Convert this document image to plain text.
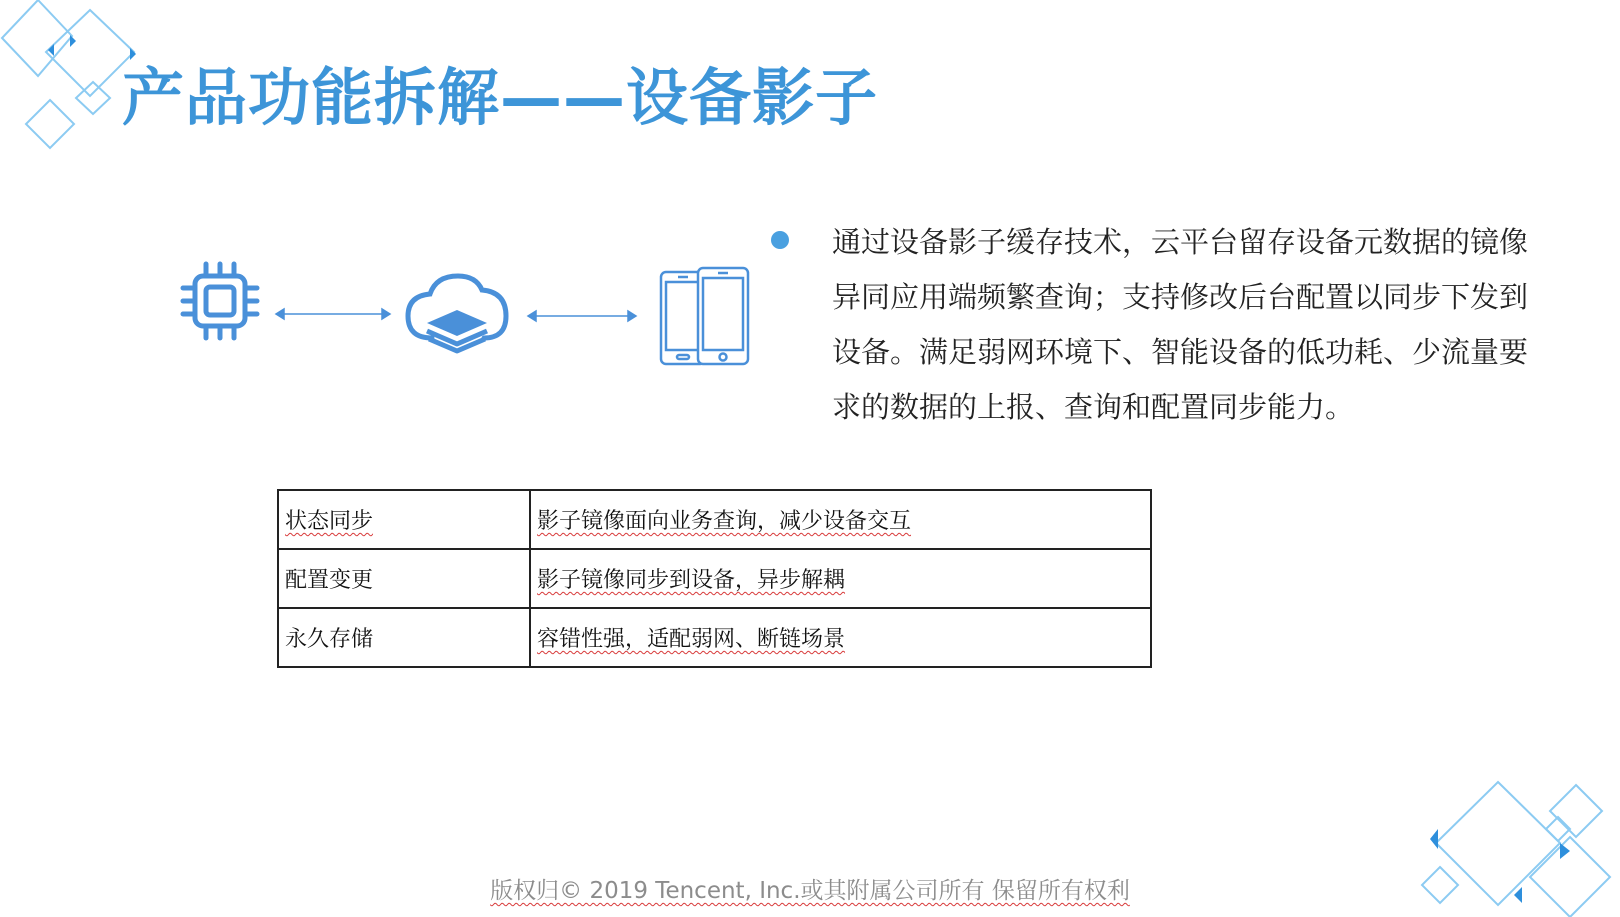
产品功能拆解——设备影子
通过设备影子缓存技术，云平台留存设备元数据的镜像异同应用端频繁查询；支持修改后台配置以同步下发到设备。满足弱网环境下、智能设备的低功耗、少流量要求的数据的上报、查询和配置同步能力。
状态同步	影子镜像面向业务查询，减少设备交互
配置变更	影子镜像同步到设备，异步解耦
永久存储	容错性强，适配弱网、断链场景
版权归© 2019 Tencent, Inc.或其附属公司所有 保留所有权利
